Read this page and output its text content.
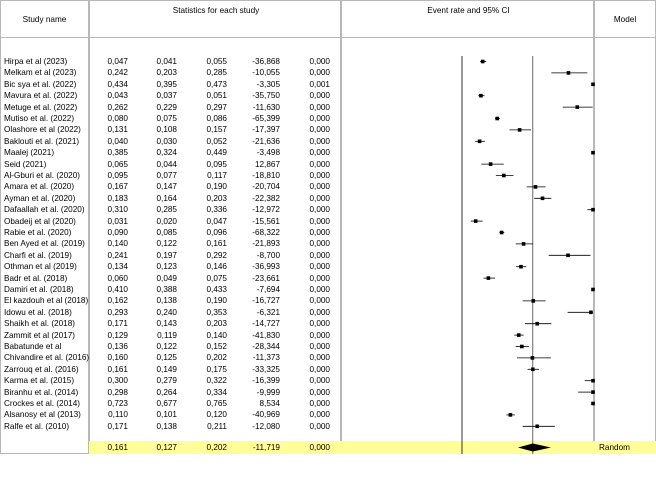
Study name
Statistics for each study	Event rate and 95% CI
Model
Hirpa et al (2023)	0,047	0,041	0,055	-36,868	0,000
Melkam et al (2023)	0,242	0,203	0,285	-10,055	0,000
Bic sya et al. (2022)	0,434	0,395	0,473	-3,305	0,001
Mavura et al. (2022)	0,043	0,037	0,051	-35,750	0,000
Metuge et al. (2022)	0,262	0,229	0,297	-11,630	0,000
Mutiso et al. (2022)	0,080	0,075	0,086	-65,399	0,000
Olashore et al (2022)	0,131	0,108	0,157	-17,397	0,000
Baklouti et al. (2021)	0,040	0,030	0,052	-21,636	0,000
Maalej (2021)	0,385	0,324	0,449	-3,498	0,000
Seid (2021)	0,065	0,044	0,095	12,867	0,000
Al-Gburi et al. (2020)	0,095	0,077	0,117	-18,810	0,000
Amara et al. (2020)	0,167	0,147	0,190	-20,704	0,000
Ayman et al. (2020)	0,183	0,164	0,203	-22,382	0,000
Dafaallah et al. (2020)	0,310	0,285	0,336	-12,972	0,000
Obadeij et al (2020)	0,031	0,020	0,047	-15,561	0,000
Rabie et al. (2020)	0,090	0,085	0,096	-68,322	0,000
Ben Ayed et al. (2019)	0,140	0,122	0,161	-21,893	0,000
Charfi et al. (2019)	0,241	0,197	0,292	-8,700	0,000
Othman et al (2019)	0,134	0,123	0,146	-36,993	0,000
Badr et al. (2018)	0,060	0,049	0,075	-23,661	0,000
Damiri et al. (2018)	0,410	0,388	0,433	-7,694	0,000
El kazdouh et al (2018)	0,162	0,138	0,190	-16,727	0,000
Idowu et al. (2018)	0,293	0,240	0,353	-6,321	0,000
Shaikh et al. (2018)	0,171	0,143	0,203	-14,727	0,000
Zammit et al (2017)	0,129	0,119	0,140	-41,830	0,000
Babatunde et al	0,136	0,122	0,152	-28,344	0,000
Chivandire et al. (2016)	0,160	0,125	0,202	-11,373	0,000
Zarrouq et al. (2016)	0,161	0,149	0,175	-33,325	0,000
Karma et al. (2015)	0,300	0,279	0,322	-16,399	0,000
Biranhu et al. (2014)	0,298	0,264	0,334	-9,999	0,000
Crockes et al. (2014)	0,723	0,677	0,765	8,534	0,000
Alsanosy et al (2013)	0,110	0,101	0,120	-40,969	0,000
Ralfe et al. (2010)	0,171	0,138	0,211	-12,080	0,000
0,161	0,127	0,202	-11,719	0,000	Random
